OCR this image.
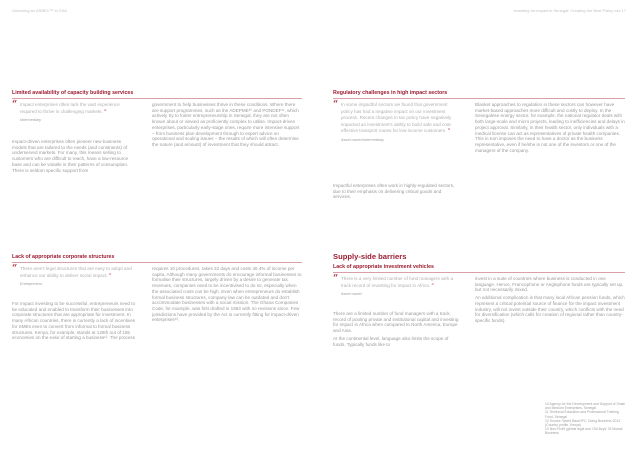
Unlocking an ASBEC™ in SSA	Investing for impact in Senegal: Creating the Best Policy mix 17
Limited availability of capacity building services
“ Impact enterprises often lack the vast experience required to thrive in challenging markets. ”
Intermediary
Impact-driven enterprises often pioneer new business models that are tailored to the needs (and constraints) of underserved markets. For many, this means selling to customers who are difficult to reach, have a low-resource base and can be volatile in their patterns of consumption. There is seldom specific support from
government to help businesses thrive in these conditions. Where there are support programmes, such as the ADEPME¹⁰ and PONDEF¹¹, which actively try to foster entrepreneurship in Senegal, they are not often known about or viewed as proficiently complex to utilise. Impact-driven enterprises, particularly early-stage ones, require more intensive support – from business plan development through to expert advice on operational and scaling issues – the results of which will often determine the nature (and amount) of investment that they should attract.
Regulatory challenges in high impact sectors
“ In some impactful sectors we found that government policy has had a negative impact on our investment process. Recent changes in tax policy have negatively impacted an investment's ability to build safe and cost-effective transport routes for low-income customers. ”
Asset owner/Intermediary
Impactful enterprises often work in highly-regulated sectors, due to their emphasis on delivering critical goods and services.
Blanket approaches to regulation in these sectors can however have market-based approaches more difficult and costly to deploy. In the Senegalese energy sector, for example, the national regulator deals with both large-scale and micro projects, leading to inefficiencies and delays in project approval. Similarly, in their health sector, only individuals with a medical license can act as representatives of private health companies. This in turn imposes the need to have a doctor as the business representative, even if he/she is not one of the investors or one of the managers of the company.
Lack of appropriate corporate structures
“ There aren't legal structures that are easy to adopt and enhance our ability to deliver social impact. ”
Entrepreneur
For impact investing to be successful, entrepreneurs need to be educated and enabled to transform their businesses into corporate structures that are appropriate for investment. In many African countries, there is currently a lack of incentives for SMEs even to convert from informal to formal business structures. Kenya, for example, stands at 126th out of 185 economies on the ease of starting a business¹². The process
requires 10 procedures, takes 32 days and costs 40.4% of income per capita. Although many governments do encourage informal businesses to formalise their structures, largely driven by a desire to generate tax revenues, companies need to be incentivised to do so, especially when the associated costs can be high. Even when entrepreneurs do establish formal business structures, company law can be outdated and don't accommodate businesses with a social mission. The Ghana Companies Code, for example, was first drafted in 1963 with no revisions since. Few jurisdictions have provided by the Act is currently fitting for impact-driven enterprises¹³.
Supply-side barriers
Lack of appropriate investment vehicles
“ There is a very limited number of fund managers with a track record of investing for impact in Africa. ”
Asset owner

There are a limited number of fund managers with a track record of pooling private and institutional capital and investing for impact in Africa when compared to North America, Europe and Asia.

At the continental level, language also limits the scope of funds. Typically funds like to

invest in a suite of countries where business is conducted in one language. Hence, Francophone or Anglophone funds are typically set up, but not necessarily mixed.

An additional complication is that many local African pension funds, which represent a critical potential source of finance for the impact investment industry, will not invest outside their country, which conflicts with the need for diversification (which calls for creation of regional rather than country-specific funds).

10 Agency for the Development and Support of Small and Medium Enterprises, Senegal
11 Technical Education and Professional Training Fund, Senegal
12 Source: World Bank/IFC, Doing Business 2013 (Country profile, Kenya)
13 Non-Profit (global legal and 'Old Boys' Of Mutual Business
